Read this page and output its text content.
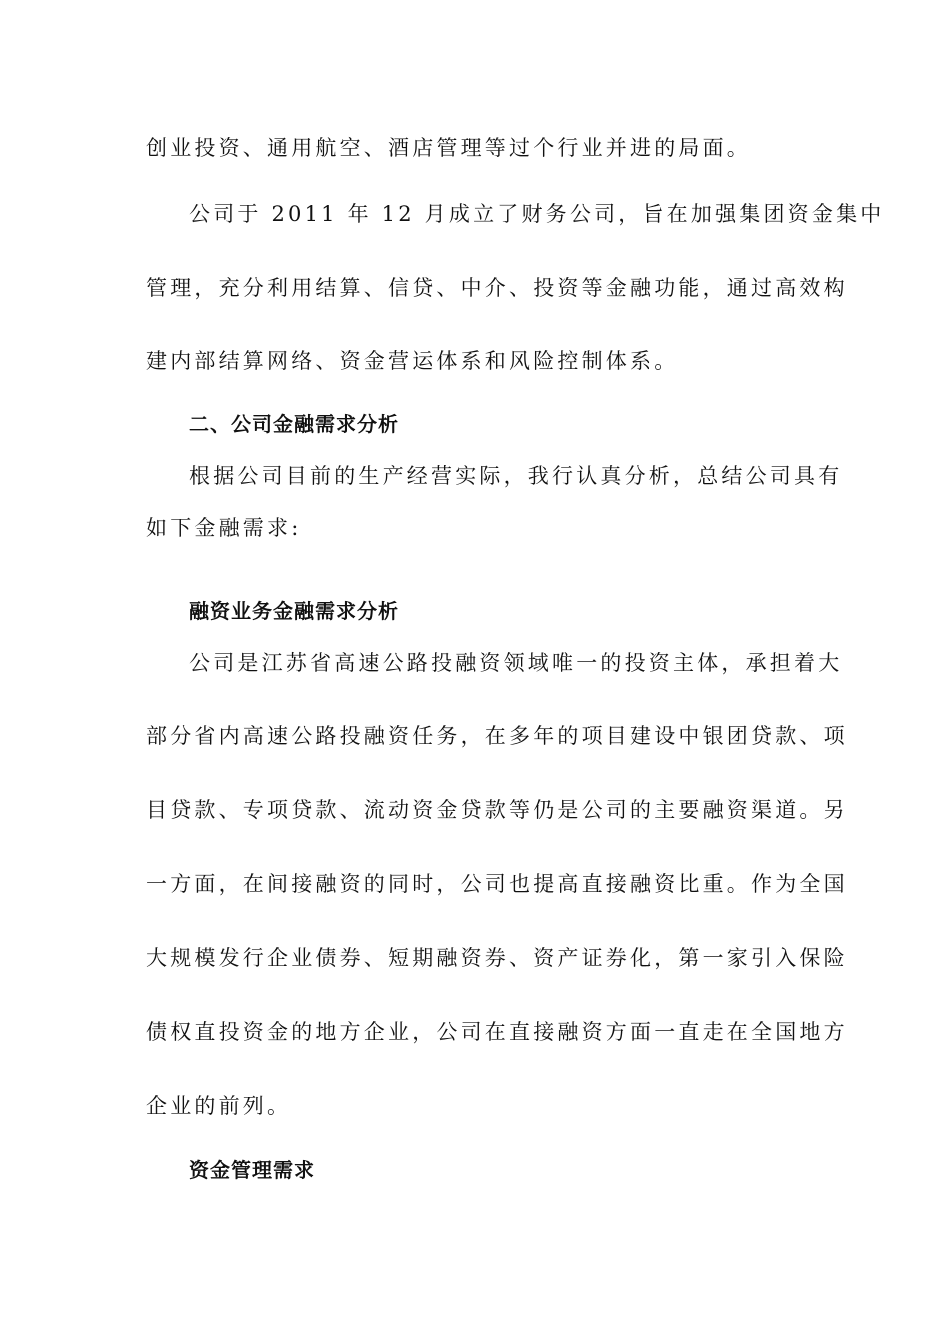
创业投资、通用航空、酒店管理等过个行业并进的局面。
公司于 2011 年 12 月成立了财务公司，旨在加强集团资金集中
管理，充分利用结算、信贷、中介、投资等金融功能，通过高效构
建内部结算网络、资金营运体系和风险控制体系。
二、公司金融需求分析
根据公司目前的生产经营实际，我行认真分析，总结公司具有
如下金融需求:
融资业务金融需求分析
公司是江苏省高速公路投融资领域唯一的投资主体，承担着大
部分省内高速公路投融资任务，在多年的项目建设中银团贷款、项
目贷款、专项贷款、流动资金贷款等仍是公司的主要融资渠道。另
一方面，在间接融资的同时，公司也提高直接融资比重。作为全国
大规模发行企业债券、短期融资券、资产证券化，第一家引入保险
债权直投资金的地方企业，公司在直接融资方面一直走在全国地方
企业的前列。
资金管理需求
